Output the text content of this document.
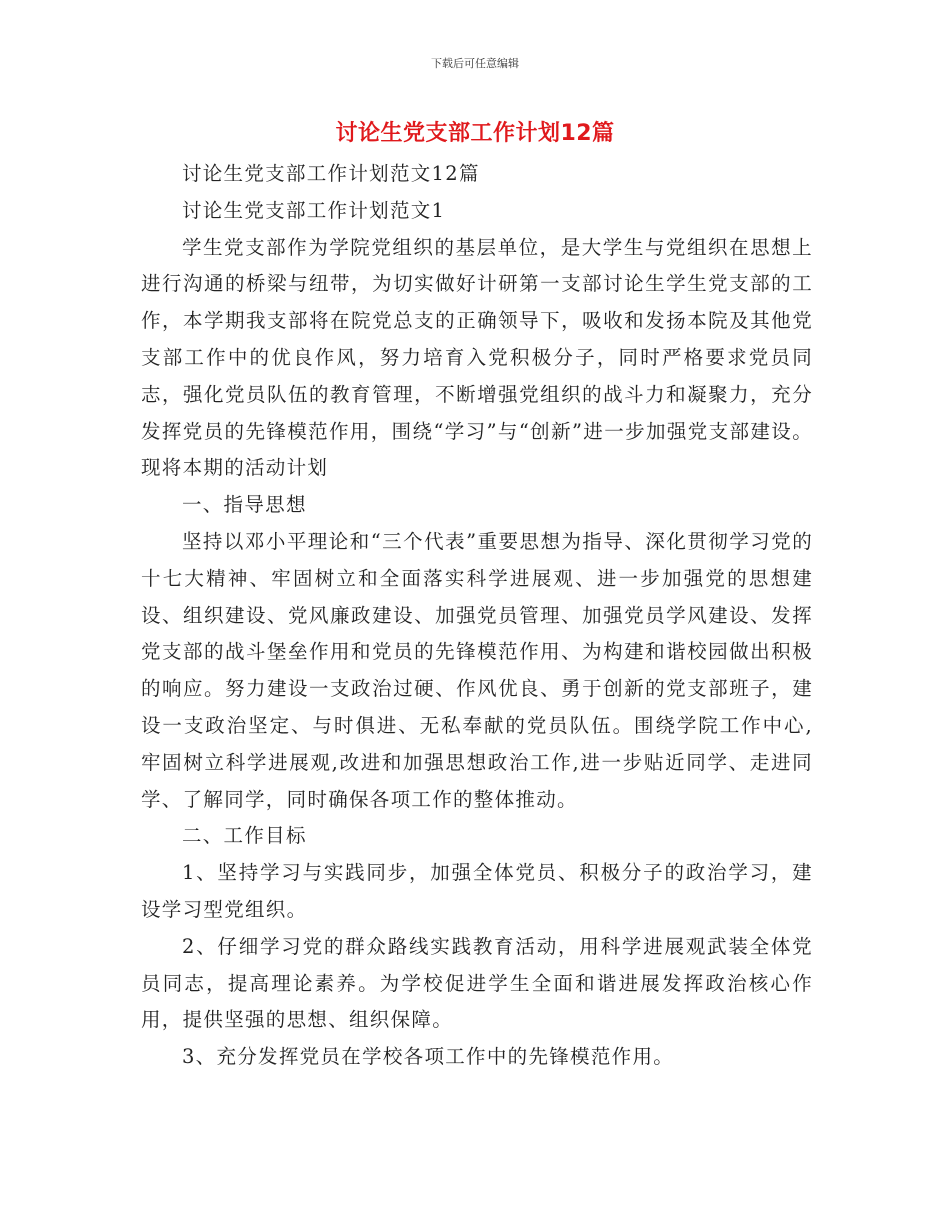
下载后可任意编辑
讨论生党支部工作计划12篇

讨论生党支部工作计划范文12篇

讨论生党支部工作计划范文1

学生党支部作为学院党组织的基层单位，是大学生与党组织在思想上进行沟通的桥梁与纽带，为切实做好计研第一支部讨论生学生党支部的工作，本学期我支部将在院党总支的正确领导下，吸收和发扬本院及其他党支部工作中的优良作风，努力培育入党积极分子，同时严格要求党员同志，强化党员队伍的教育管理，不断增强党组织的战斗力和凝聚力，充分发挥党员的先锋模范作用，围绕“学习”与“创新”进一步加强党支部建设。现将本期的活动计划

一、指导思想

坚持以邓小平理论和“三个代表”重要思想为指导、深化贯彻学习党的十七大精神、牢固树立和全面落实科学进展观、进一步加强党的思想建设、组织建设、党风廉政建设、加强党员管理、加强党员学风建设、发挥党支部的战斗堡垒作用和党员的先锋模范作用、为构建和谐校园做出积极的响应。努力建设一支政治过硬、作风优良、勇于创新的党支部班子，建设一支政治坚定、与时俱进、无私奉献的党员队伍。围绕学院工作中心,牢固树立科学进展观,改进和加强思想政治工作,进一步贴近同学、走进同学、了解同学，同时确保各项工作的整体推动。

二、工作目标

1、坚持学习与实践同步，加强全体党员、积极分子的政治学习，建设学习型党组织。

2、仔细学习党的群众路线实践教育活动，用科学进展观武装全体党员同志，提高理论素养。为学校促进学生全面和谐进展发挥政治核心作用，提供坚强的思想、组织保障。

3、充分发挥党员在学校各项工作中的先锋模范作用。
